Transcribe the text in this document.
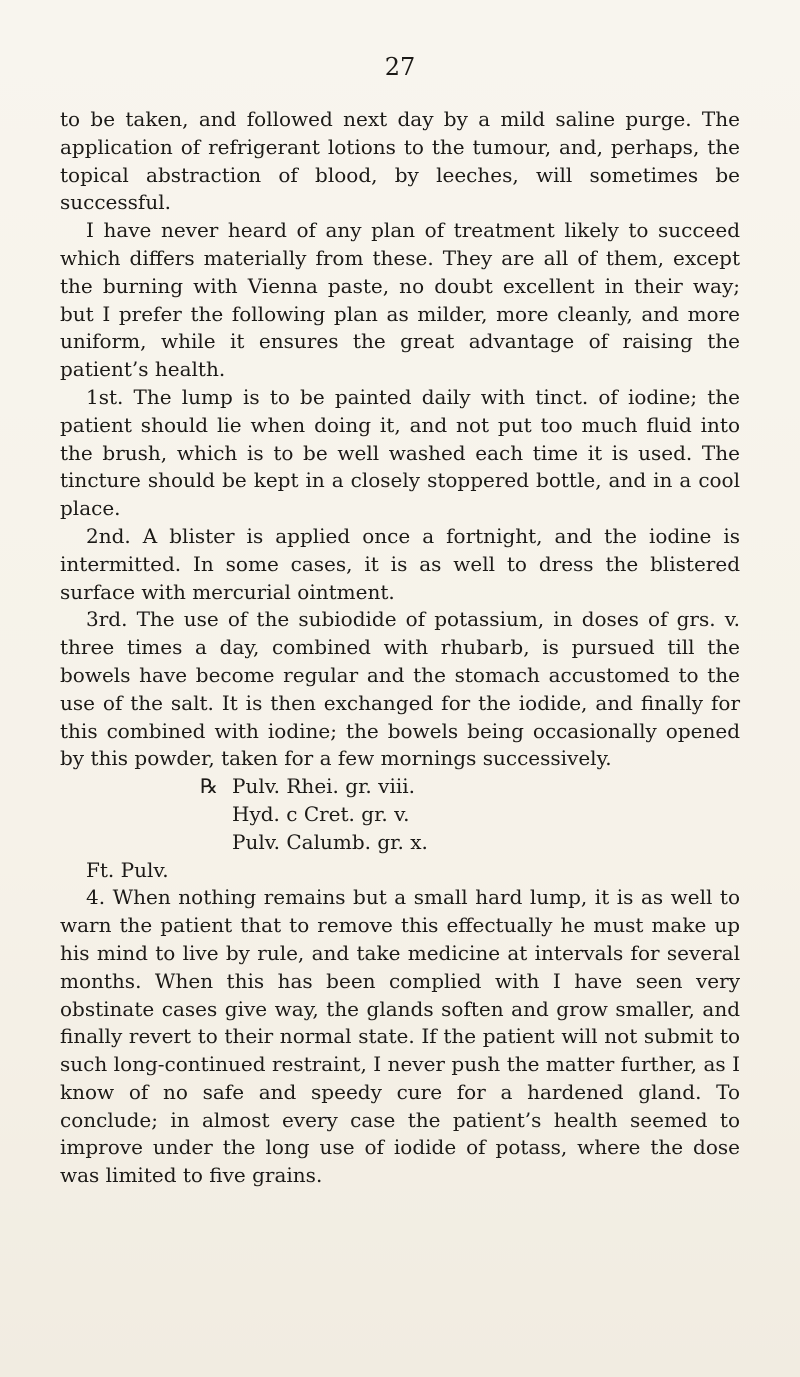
27

to be taken, and followed next day by a mild saline purge. The application of refrigerant lotions to the tumour, and, perhaps, the topical abstraction of blood, by leeches, will sometimes be successful.

I have never heard of any plan of treatment likely to succeed which differs materially from these. They are all of them, except the burning with Vienna paste, no doubt excellent in their way; but I prefer the following plan as milder, more cleanly, and more uniform, while it ensures the great advantage of raising the patient’s health.

1st. The lump is to be painted daily with tinct. of iodine; the patient should lie when doing it, and not put too much fluid into the brush, which is to be well washed each time it is used. The tincture should be kept in a closely stoppered bottle, and in a cool place.

2nd. A blister is applied once a fortnight, and the iodine is intermitted. In some cases, it is as well to dress the blistered surface with mercurial ointment.

3rd. The use of the subiodide of potassium, in doses of grs. v. three times a day, combined with rhubarb, is pursued till the bowels have become regular and the stomach accustomed to the use of the salt. It is then exchanged for the iodide, and finally for this combined with iodine; the bowels being occasionally opened by this powder, taken for a few mornings successively.

℞ Pulv. Rhei. gr. viii.
Hyd. c Cret. gr. v.
Pulv. Calumb. gr. x.
Ft. Pulv.

4. When nothing remains but a small hard lump, it is as well to warn the patient that to remove this effectually he must make up his mind to live by rule, and take medicine at intervals for several months. When this has been complied with I have seen very obstinate cases give way, the glands soften and grow smaller, and finally revert to their normal state. If the patient will not submit to such long-continued restraint, I never push the matter further, as I know of no safe and speedy cure for a hardened gland. To conclude; in almost every case the patient’s health seemed to improve under the long use of iodide of potass, where the dose was limited to five grains.
